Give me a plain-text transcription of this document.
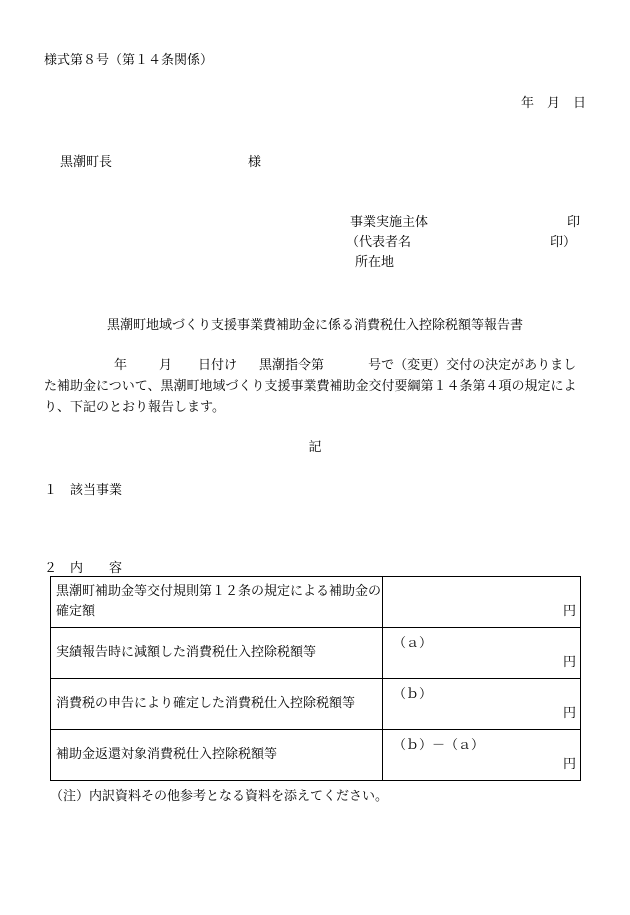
様式第８号（第１４条関係）
年　月　日
黒潮町長	様
事業実施主体	印
（代表者名	印）
所在地
黒潮町地域づくり支援事業費補助金に係る消費税仕入控除税額等報告書
年 月 日付け 黒潮指令第	号で（変更）交付の決定がありました補助金について、黒潮町地域づくり支援事業費補助金交付要綱第１４条第４項の規定により、下記のとおり報告します。
記
１　該当事業
２　内　　容
黒潮町補助金等交付規則第１２条の規定による補助金の確定額	円

実績報告時に減額した消費税仕入控除税額等	（ａ）
円

消費税の申告により確定した消費税仕入控除税額等	（ｂ）
円

補助金返還対象消費税仕入控除税額等	（ｂ）－（ａ）
円
（注）内訳資料その他参考となる資料を添えてください。
